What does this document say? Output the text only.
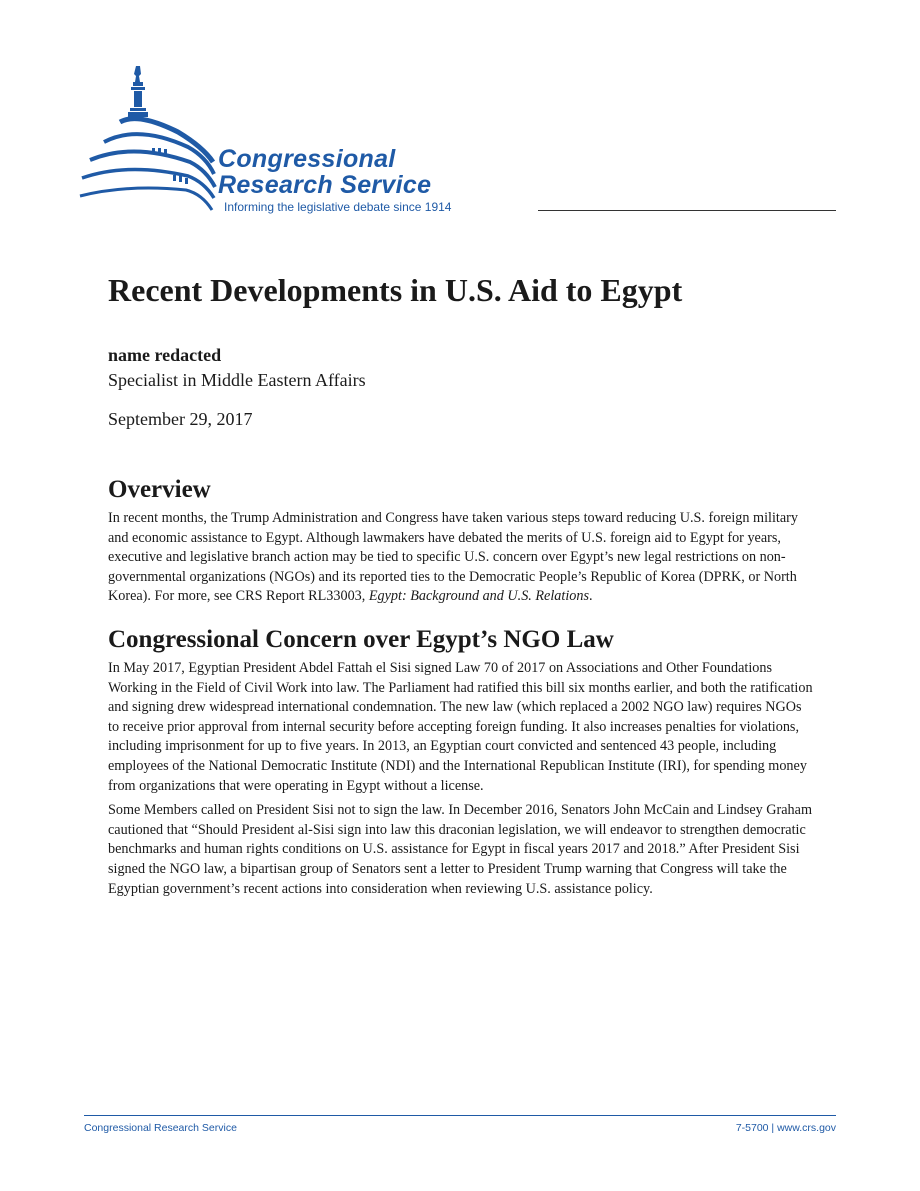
Congressional
Research Service
Informing the legislative debate since 1914
Recent Developments in U.S. Aid to Egypt
name redacted
Specialist in Middle Eastern Affairs
September 29, 2017
Overview

In recent months, the Trump Administration and Congress have taken various steps toward reducing U.S. foreign military and economic assistance to Egypt. Although lawmakers have debated the merits of U.S. foreign aid to Egypt for years, executive and legislative branch action may be tied to specific U.S. concern over Egypt’s new legal restrictions on non-governmental organizations (NGOs) and its reported ties to the Democratic People’s Republic of Korea (DPRK, or North Korea). For more, see CRS Report RL33003, Egypt: Background and U.S. Relations.

Congressional Concern over Egypt’s NGO Law

In May 2017, Egyptian President Abdel Fattah el Sisi signed Law 70 of 2017 on Associations and Other Foundations Working in the Field of Civil Work into law. The Parliament had ratified this bill six months earlier, and both the ratification and signing drew widespread international condemnation. The new law (which replaced a 2002 NGO law) requires NGOs to receive prior approval from internal security before accepting foreign funding. It also increases penalties for violations, including imprisonment for up to five years. In 2013, an Egyptian court convicted and sentenced 43 people, including employees of the National Democratic Institute (NDI) and the International Republican Institute (IRI), for spending money from organizations that were operating in Egypt without a license.

Some Members called on President Sisi not to sign the law. In December 2016, Senators John McCain and Lindsey Graham cautioned that “Should President al-Sisi sign into law this draconian legislation, we will endeavor to strengthen democratic benchmarks and human rights conditions on U.S. assistance for Egypt in fiscal years 2017 and 2018.” After President Sisi signed the NGO law, a bipartisan group of Senators sent a letter to President Trump warning that Congress will take the Egyptian government’s recent actions into consideration when reviewing U.S. assistance policy.

Congressional Research Service	7-5700 | www.crs.gov
